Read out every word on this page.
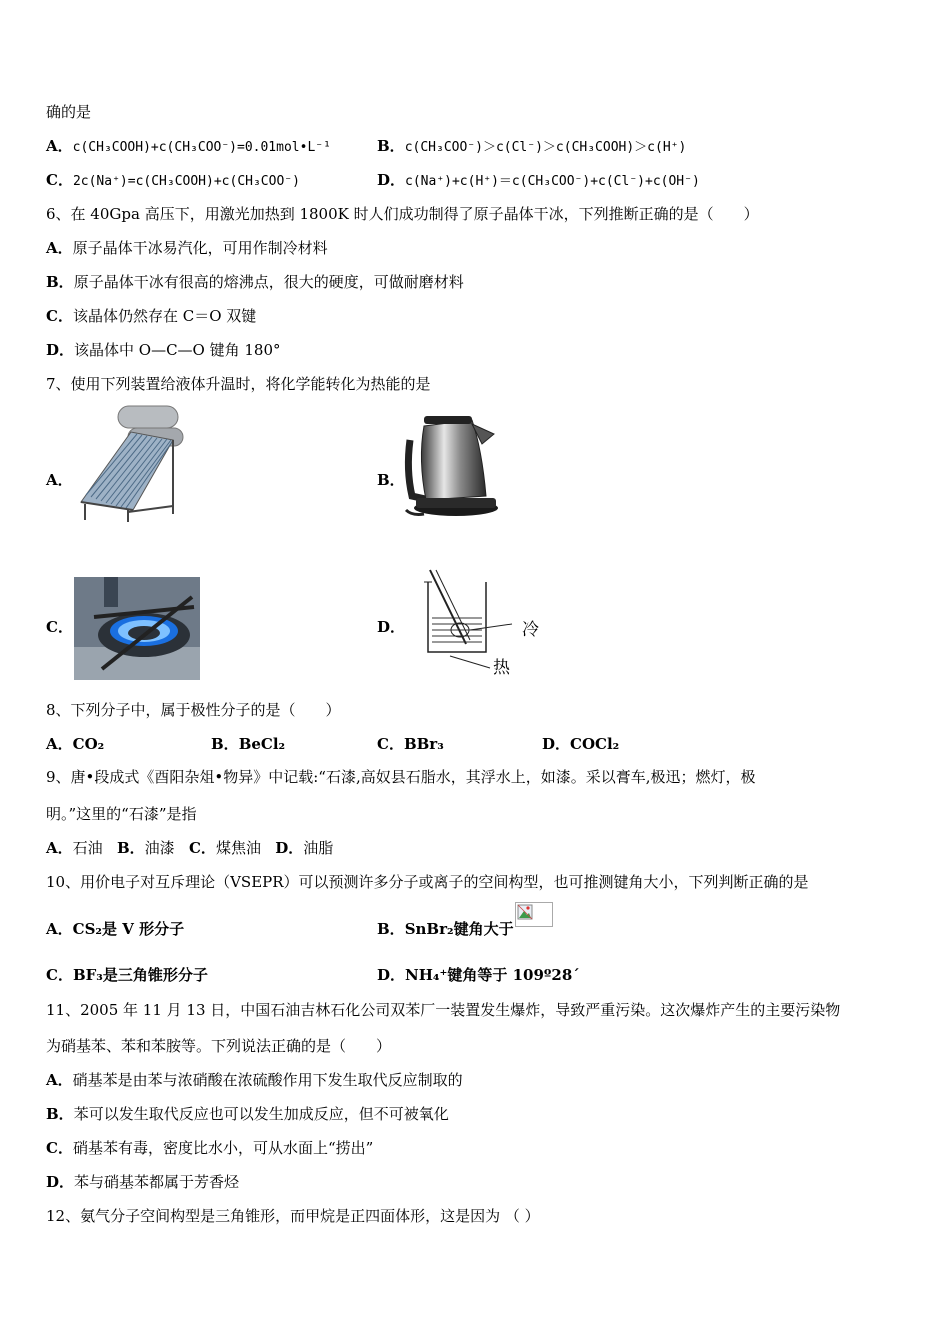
确的是
A．c(CH₃COOH)+c(CH₃COO⁻)=0.01mol•L⁻¹	B．c(CH₃COO⁻)＞c(Cl⁻)＞c(CH₃COOH)＞c(H⁺)
C．2c(Na⁺)=c(CH₃COOH)+c(CH₃COO⁻)	D．c(Na⁺)+c(H⁺)＝c(CH₃COO⁻)+c(Cl⁻)+c(OH⁻)
6、在 40Gpa 高压下，用激光加热到 1800K 时人们成功制得了原子晶体干冰，下列推断正确的是（　　）
A．原子晶体干冰易汽化，可用作制冷材料
B．原子晶体干冰有很高的熔沸点，很大的硬度，可做耐磨材料
C．该晶体仍然存在 C＝O 双键
D．该晶体中 O—C—O 键角 180°
7、使用下列装置给液体升温时，将化学能转化为热能的是
A．	B．
C．	D．	冷
热
8、下列分子中，属于极性分子的是（　　）
A．CO₂	B．BeCl₂	C．BBr₃	D．COCl₂
9、唐•段成式《酉阳杂俎•物异》中记载:“石漆,高奴县石脂水，其浮水上，如漆。采以膏车,极迅；燃灯，极
明。”这里的“石漆”是指
A．石油 B．油漆 C．煤焦油 D．油脂
10、用价电子对互斥理论（VSEPR）可以预测许多分子或离子的空间构型，也可推测键角大小，下列判断正确的是
A．CS₂是 V 形分子	B．SnBr₂键角大于
C．BF₃是三角锥形分子	D．NH₄⁺键角等于 109º28´
11、2005 年 11 月 13 日，中国石油吉林石化公司双苯厂一装置发生爆炸，导致严重污染。这次爆炸产生的主要污染物
为硝基苯、苯和苯胺等。下列说法正确的是（　　）
A．硝基苯是由苯与浓硝酸在浓硫酸作用下发生取代反应制取的
B．苯可以发生取代反应也可以发生加成反应，但不可被氧化
C．硝基苯有毒，密度比水小，可从水面上“捞出”
D．苯与硝基苯都属于芳香烃
12、氨气分子空间构型是三角锥形，而甲烷是正四面体形，这是因为 （ ）
